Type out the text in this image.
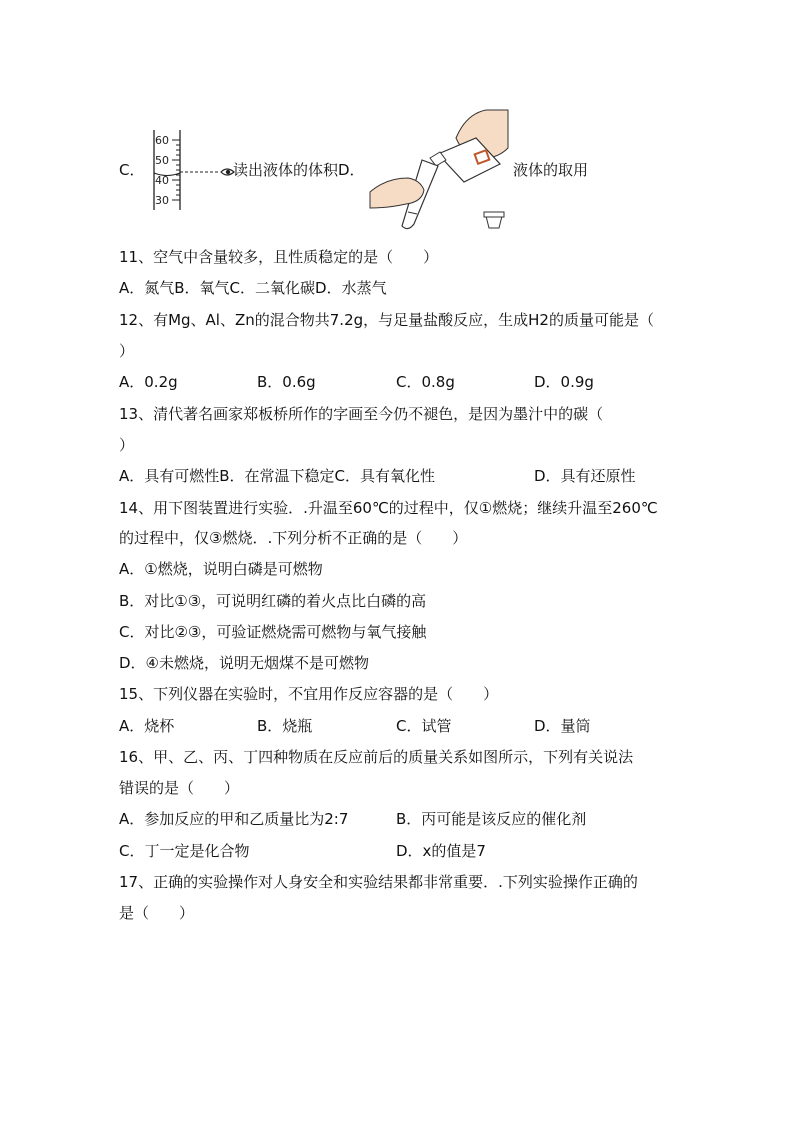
C．
60
50
40
30
读出液体的体积D．	液体的取用
11、空气中含量较多，且性质稳定的是（　　）
A．氮气B．氧气C．二氧化碳D．水蒸气
12、有Mg、Al、Zn的混合物共7.2g，与足量盐酸反应，生成H2的质量可能是（
）
A．0.2g	B．0.6g	C．0.8g	D．0.9g
13、清代著名画家郑板桥所作的字画至今仍不褪色，是因为墨汁中的碳（
）
A．具有可燃性B．在常温下稳定C．具有氧化性	D．具有还原性
14、用下图装置进行实验．.升温至60℃的过程中，仅①燃烧；继续升温至260℃
的过程中，仅③燃烧．.下列分析不正确的是（　　）
A．①燃烧，说明白磷是可燃物
B．对比①③，可说明红磷的着火点比白磷的高
C．对比②③，可验证燃烧需可燃物与氧气接触
D．④未燃烧，说明无烟煤不是可燃物
15、下列仪器在实验时，不宜用作反应容器的是（　　）
A．烧杯	B．烧瓶	C．试管	D．量筒
16、甲、乙、丙、丁四种物质在反应前后的质量关系如图所示，下列有关说法
错误的是（　　）
A．参加反应的甲和乙质量比为2:7	B．丙可能是该反应的催化剂
C．丁一定是化合物	D．x的值是7
17、正确的实验操作对人身安全和实验结果都非常重要．.下列实验操作正确的
是（　　）
